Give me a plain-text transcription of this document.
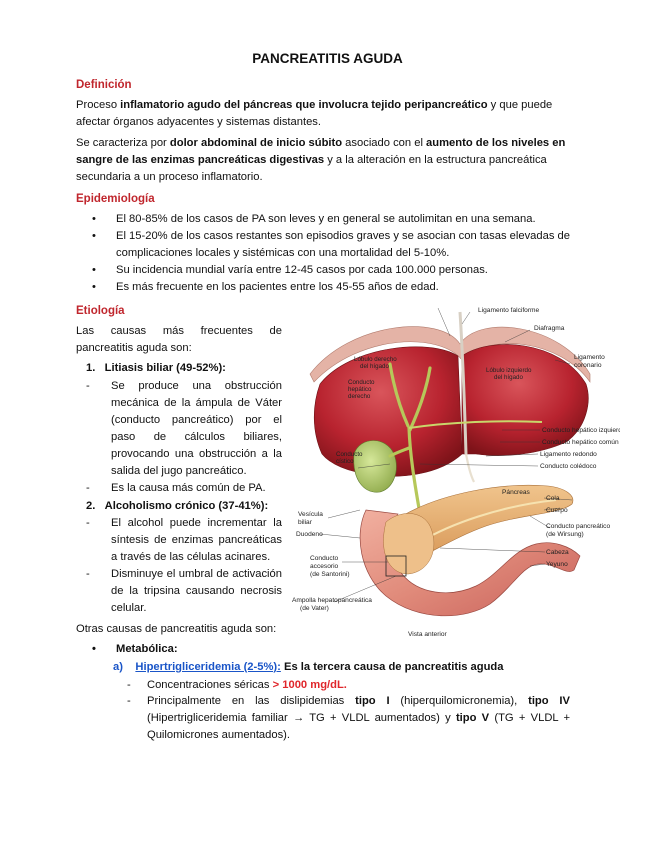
PANCREATITIS AGUDA
Definición
Proceso inflamatorio agudo del páncreas que involucra tejido peripancreático y que puede afectar órganos adyacentes y sistemas distantes.
Se caracteriza por dolor abdominal de inicio súbito asociado con el aumento de los niveles en sangre de las enzimas pancreáticas digestivas y a la alteración en la estructura pancreática secundaria a un proceso inflamatorio.
Epidemiología
• El 80-85% de los casos de PA son leves y en general se autolimitan en una semana.
• El 15-20% de los casos restantes son episodios graves y se asocian con tasas elevadas de complicaciones locales y sistémicas con una mortalidad del 5-10%.
• Su incidencia mundial varía entre 12-45 casos por cada 100.000 personas.
• Es más frecuente en los pacientes entre los 45-55 años de edad.
Etiología
Las causas más frecuentes de pancreatitis aguda son:
1. Litiasis biliar (49-52%):
- Se produce una obstrucción mecánica de la ámpula de Váter (conducto pancreático) por el paso de cálculos biliares, provocando una obstrucción a la salida del jugo pancreático.
- Es la causa más común de PA.
2. Alcoholismo crónico (37-41%):
- El alcohol puede incrementar la síntesis de enzimas pancreáticas a través de las células acinares.
- Disminuye el umbral de activación de la tripsina causando necrosis celular.
Otras causas de pancreatitis aguda son:
• Metabólica:
a) Hipertrigliceridemia (2-5%): Es la tercera causa de pancreatitis aguda
- Concentraciones séricas > 1000 mg/dL.
- Principalmente en las dislipidemias tipo I (hiperquilomicronemia), tipo IV (Hipertrigliceridemia familiar → TG + VLDL aumentados) y tipo V (TG + VLDL + Quilomicrones aumentados).
Ligamento falciforme
Diafragma
Ligamento
coronario
Lóbulo derecho
del hígado
Lóbulo izquierdo
del hígado
Conducto
hepático
derecho
Conducto hepático izquierdo
Conducto hepático común
Ligamento redondo
Conducto colédoco
Conducto
cístico
Páncreas
Cola
Cuerpo
Conducto pancreático
(de Wirsung)
Cabeza
Yeyuno
Vesícula
biliar
Duodeno
Conducto
accesorio
(de Santorini)
Ampolla hepatopancreática
(de Vater)
Vista anterior
